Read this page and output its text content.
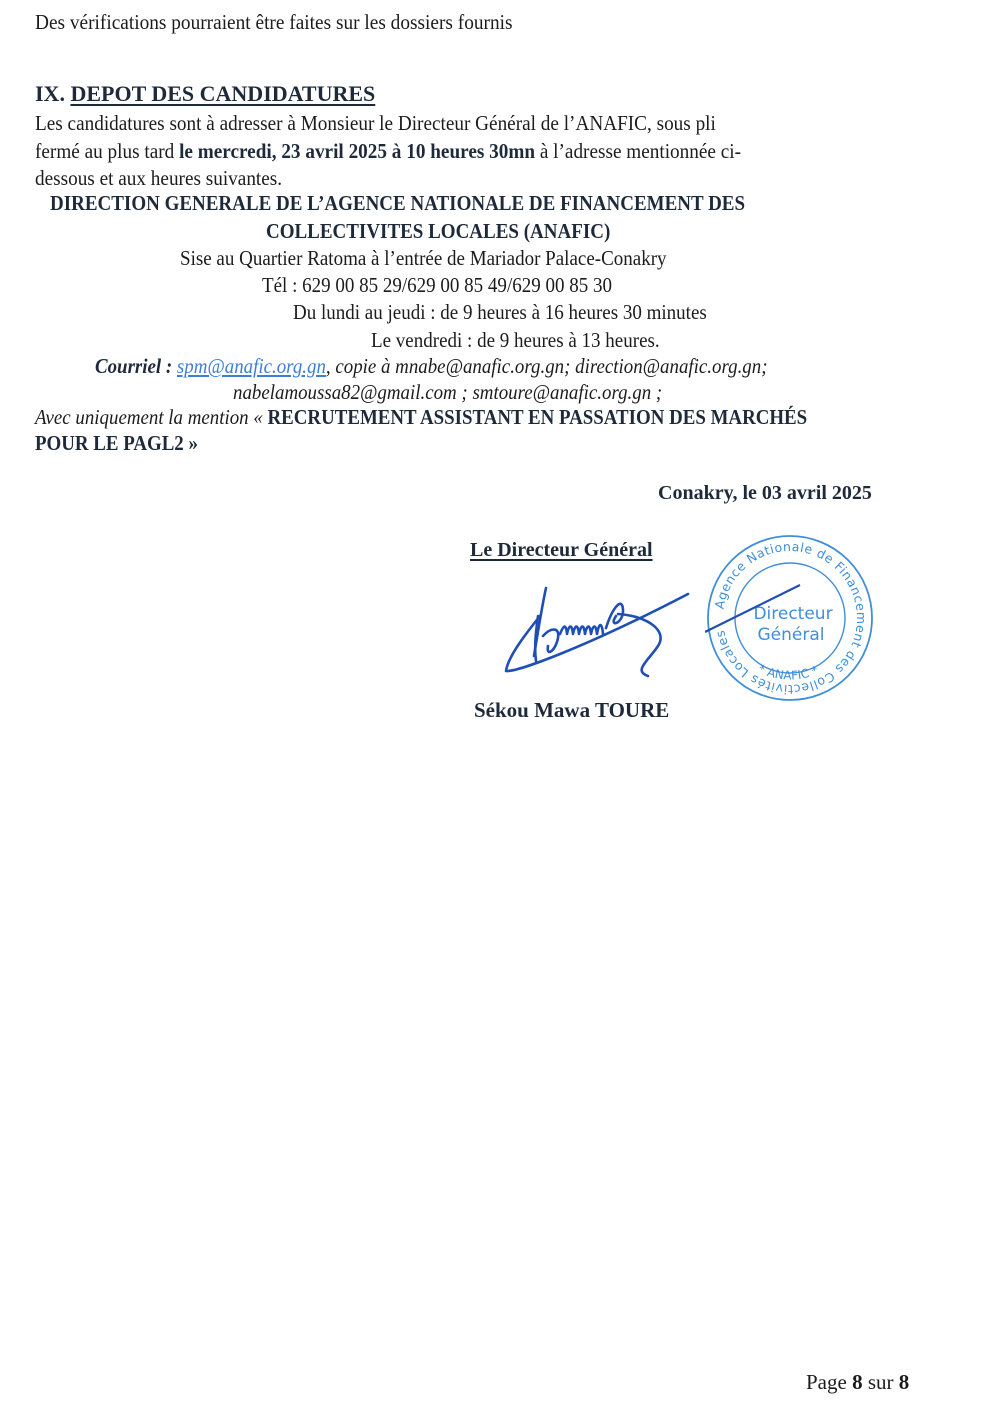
Des vérifications pourraient être faites sur les dossiers fournis
IX. DEPOT DES CANDIDATURES
Les candidatures sont à adresser à Monsieur le Directeur Général de l’ANAFIC, sous pli
fermé au plus tard le mercredi, 23 avril 2025 à 10 heures 30mn à l’adresse mentionnée ci-
dessous et aux heures suivantes.
DIRECTION GENERALE DE L’AGENCE NATIONALE DE FINANCEMENT DES
COLLECTIVITES LOCALES (ANAFIC)
Sise au Quartier Ratoma à l’entrée de Mariador Palace-Conakry
Tél : 629 00 85 29/629 00 85 49/629 00 85 30
Du lundi au jeudi : de 9 heures à 16 heures 30 minutes
Le vendredi : de 9 heures à 13 heures.
Courriel : spm@anafic.org.gn, copie à mnabe@anafic.org.gn; direction@anafic.org.gn;
nabelamoussa82@gmail.com ; smtoure@anafic.org.gn ;
Avec uniquement la mention « RECRUTEMENT ASSISTANT EN PASSATION DES MARCHÉS
POUR LE PAGL2 »
Conakry, le 03 avril 2025
Le Directeur Général
Agence Nationale de Financement des Collectivités Locales
* ANAFIC *
Directeur
Général
Sékou Mawa TOURE
Page 8 sur 8
